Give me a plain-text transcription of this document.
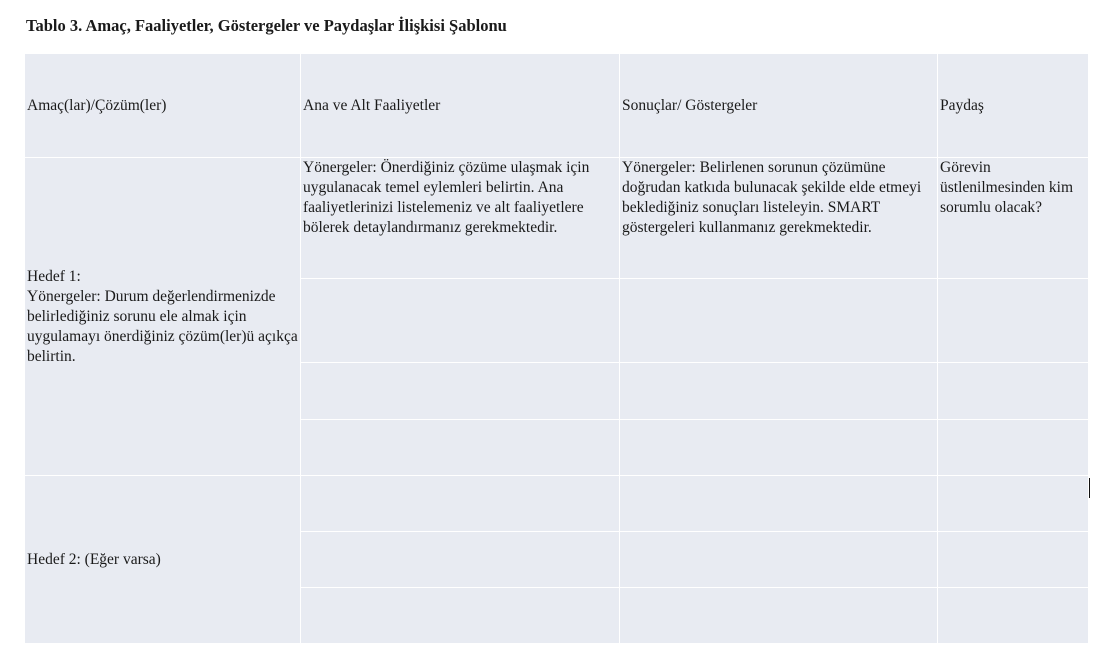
Tablo 3. Amaç, Faaliyetler, Göstergeler ve Paydaşlar İlişkisi Şablonu
Amaç(lar)/Çözüm(ler)	Ana ve Alt Faaliyetler	Sonuçlar/ Göstergeler	Paydaş

Hedef 1:
Yönergeler: Durum değerlendirmenizde belirlediğiniz sorunu ele almak için uygulamayı önerdiğiniz çözüm(ler)ü açıkça belirtin.	Yönergeler: Önerdiğiniz çözüme ulaşmak için uygulanacak temel eylemleri belirtin. Ana faaliyetlerinizi listelemeniz ve alt faaliyetlere bölerek detaylandırmanız gerekmektedir.	Yönergeler: Belirlenen sorunun çözümüne doğrudan katkıda bulunacak şekilde elde etmeyi beklediğiniz sonuçları listeleyin. SMART göstergeleri kullanmanız gerekmektedir.	Görevin üstlenilmesinden kim sorumlu olacak?

Hedef 2: (Eğer varsa)			
